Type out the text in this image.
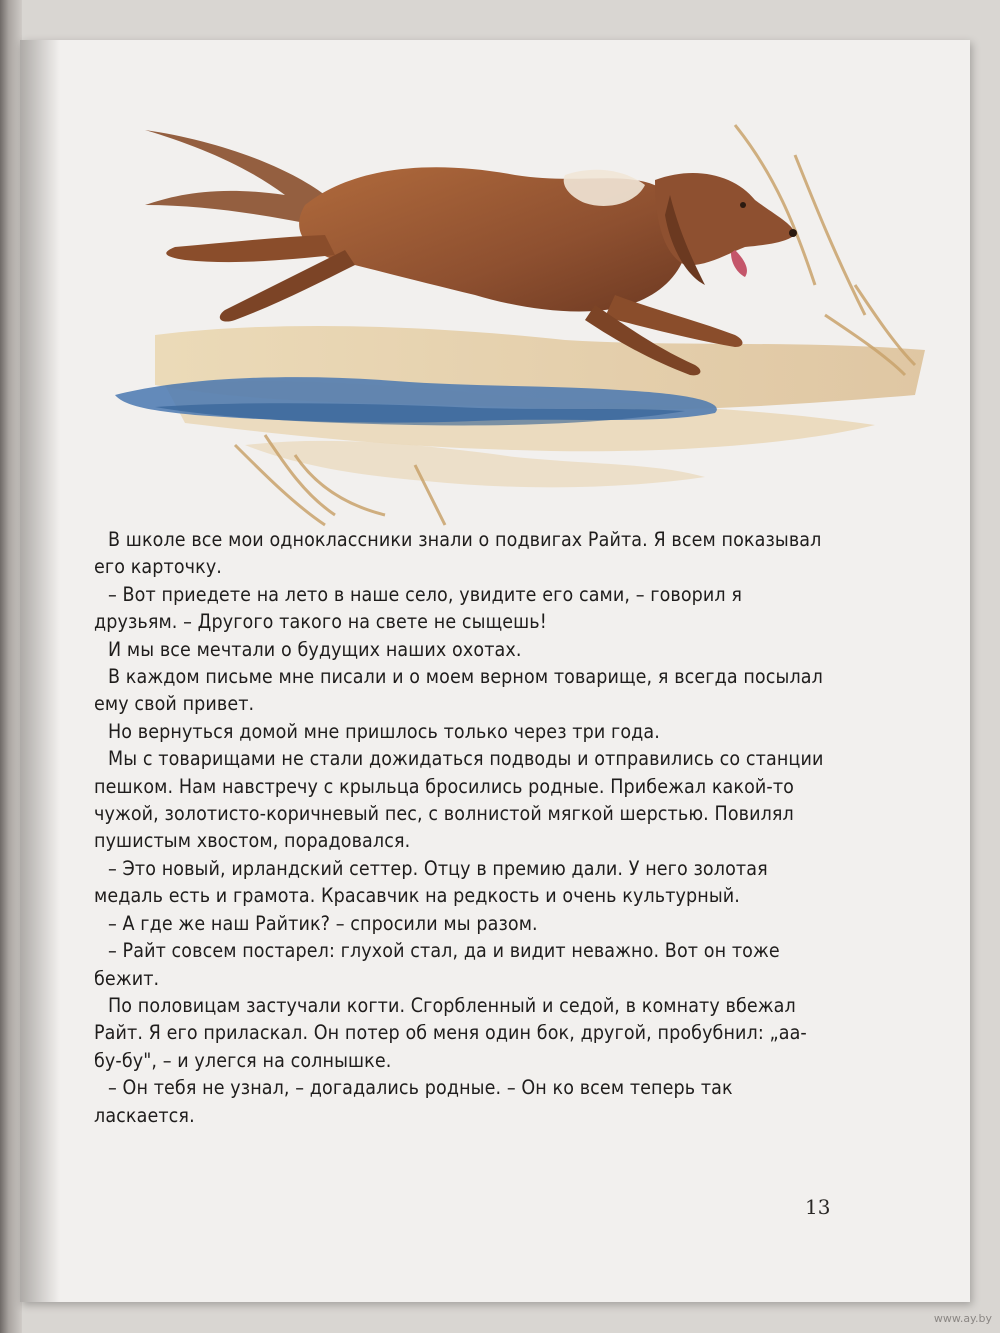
В школе все мои одноклассники знали о подвигах Райта. Я всем показывал его карточку.

– Вот приедете на лето в наше село, увидите его сами, – говорил я друзьям. – Другого такого на свете не сыщешь!

И мы все мечтали о будущих наших охотах.

В каждом письме мне писали и о моем верном товарище, я всегда посылал ему свой привет.

Но вернуться домой мне пришлось только через три года.

Мы с товарищами не стали дожидаться подводы и отправились со станции пешком. Нам навстречу с крыльца бросились родные. Прибежал какой-то чужой, золотисто-коричневый пес, с волнистой мягкой шерстью. Повилял пушистым хвостом, порадовался.

– Это новый, ирландский сеттер. Отцу в премию дали. У него золотая медаль есть и грамота. Красавчик на редкость и очень культурный.

– А где же наш Райтик? – спросили мы разом.

– Райт совсем постарел: глухой стал, да и видит неважно. Вот он тоже бежит.

По половицам застучали когти. Сгорбленный и седой, в комнату вбежал Райт. Я его приласкал. Он потер об меня один бок, другой, пробубнил: „аа-бу-бу", – и улегся на солнышке.

– Он тебя не узнал, – догадались родные. – Он ко всем теперь так ласкается.

13
www.ay.by
